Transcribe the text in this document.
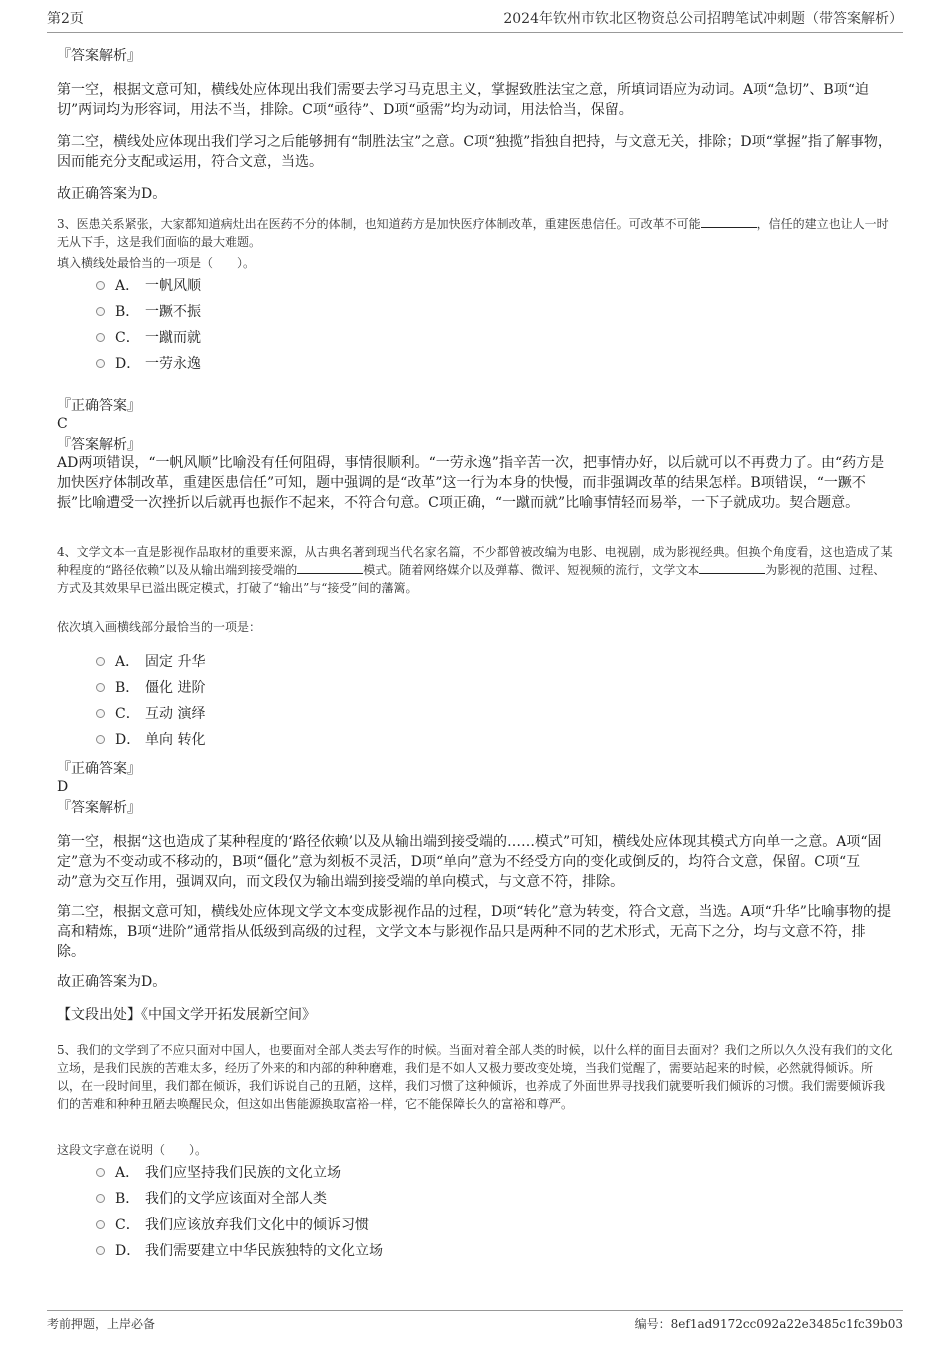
第2页	2024年钦州市钦北区物资总公司招聘笔试冲刺题（带答案解析）
『答案解析』
第一空，根据文意可知，横线处应体现出我们需要去学习马克思主义，掌握致胜法宝之意，所填词语应为动词。A项“急切”、B项“迫切”两词均为形容词，用法不当，排除。C项“亟待”、D项“亟需”均为动词，用法恰当，保留。
第二空，横线处应体现出我们学习之后能够拥有“制胜法宝”之意。C项“独揽”指独自把持，与文意无关，排除；D项“掌握”指了解事物，因而能充分支配或运用，符合文意，当选。
故正确答案为D。
3、医患关系紧张，大家都知道病灶出在医药不分的体制，也知道药方是加快医疗体制改革，重建医患信任。可改革不可能	，信任的建立也让人一时无从下手，这是我们面临的最大难题。
填入横线处最恰当的一项是（　　）。
A． 一帆风顺
B． 一蹶不振
C． 一蹴而就
D． 一劳永逸
『正确答案』
C
『答案解析』
AD两项错误，“一帆风顺”比喻没有任何阻碍，事情很顺利。“一劳永逸”指辛苦一次，把事情办好，以后就可以不再费力了。由“药方是加快医疗体制改革，重建医患信任”可知，题中强调的是“改革”这一行为本身的快慢，而非强调改革的结果怎样。B项错误，“一蹶不振”比喻遭受一次挫折以后就再也振作不起来，不符合句意。C项正确，“一蹴而就”比喻事情轻而易举，一下子就成功。契合题意。
4、文学文本一直是影视作品取材的重要来源，从古典名著到现当代名家名篇，不少都曾被改编为电影、电视剧，成为影视经典。但换个角度看，这也造成了某种程度的“路径依赖”以及从输出端到接受端的	模式。随着网络媒介以及弹幕、微评、短视频的流行，文学文本	为影视的范围、过程、方式及其效果早已溢出既定模式，打破了“输出”与“接受”间的藩篱。
依次填入画横线部分最恰当的一项是：
A． 固定 升华
B． 僵化 进阶
C． 互动 演绎
D． 单向 转化
『正确答案』
D
『答案解析』
第一空，根据“这也造成了某种程度的‘路径依赖’以及从输出端到接受端的……模式”可知，横线处应体现其模式方向单一之意。A项“固定”意为不变动或不移动的，B项“僵化”意为刻板不灵活，D项“单向”意为不经受方向的变化或倒反的，均符合文意，保留。C项“互动”意为交互作用，强调双向，而文段仅为输出端到接受端的单向模式，与文意不符，排除。
第二空，根据文意可知，横线处应体现文学文本变成影视作品的过程，D项“转化”意为转变，符合文意，当选。A项“升华”比喻事物的提高和精炼，B项“进阶”通常指从低级到高级的过程，文学文本与影视作品只是两种不同的艺术形式，无高下之分，均与文意不符，排除。
故正确答案为D。
【文段出处】《中国文学开拓发展新空间》
5、我们的文学到了不应只面对中国人，也要面对全部人类去写作的时候。当面对着全部人类的时候，以什么样的面目去面对？我们之所以久久没有我们的文化立场，是我们民族的苦难太多，经历了外来的和内部的种种磨难，我们是不如人又极力要改变处境，当我们觉醒了，需要站起来的时候，必然就得倾诉。所以，在一段时间里，我们都在倾诉，我们诉说自己的丑陋，这样，我们习惯了这种倾诉，也养成了外面世界寻找我们就要听我们倾诉的习惯。我们需要倾诉我们的苦难和种种丑陋去唤醒民众，但这如出售能源换取富裕一样，它不能保障长久的富裕和尊严。
这段文字意在说明（　　）。
A． 我们应坚持我们民族的文化立场
B． 我们的文学应该面对全部人类
C． 我们应该放弃我们文化中的倾诉习惯
D． 我们需要建立中华民族独特的文化立场
考前押题，上岸必备	编号：8ef1ad9172cc092a22e3485c1fc39b03
